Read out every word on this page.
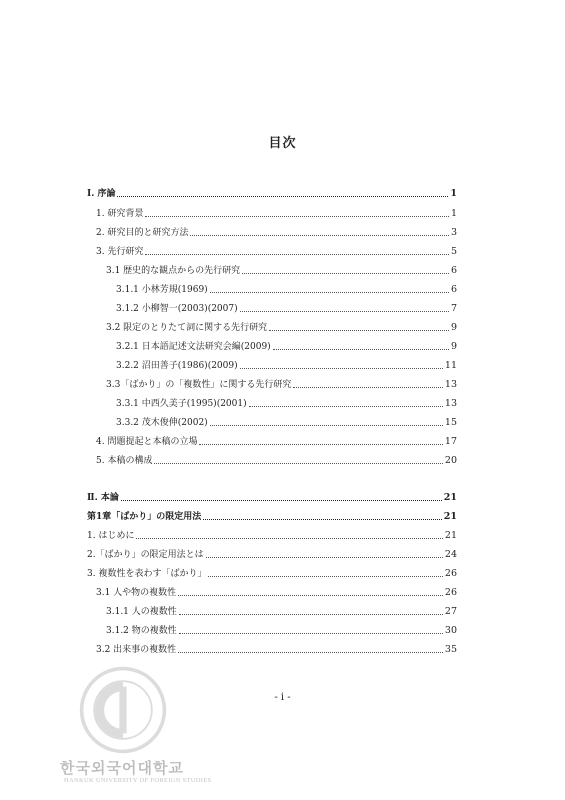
目次
Ⅰ. 序論	1
1. 研究背景	1
2. 研究目的と研究方法	3
3. 先行研究	5
3.1 歴史的な観点からの先行研究	6
3.1.1 小林芳規(1969)	6
3.1.2 小柳智一(2003)(2007)	7
3.2 限定のとりたて詞に関する先行研究	9
3.2.1 日本語記述文法研究会編(2009)	9
3.2.2 沼田善子(1986)(2009)	11
3.3「ばかり」の「複数性」に関する先行研究	13
3.3.1 中西久美子(1995)(2001)	13
3.3.2 茂木俊伸(2002)	15
4. 問題提起と本稿の立場	17
5. 本稿の構成	20
Ⅱ. 本論	21
第1章「ばかり」の限定用法	21
1. はじめに	21
2.「ばかり」の限定用法とは	24
3. 複数性を表わす「ばかり」	26
3.1 人や物の複数性	26
3.1.1 人の複数性	27
3.1.2 物の複数性	30
3.2 出来事の複数性	35
- i -
한국외국어대학교
HANKUK UNIVERSITY OF FOREIGN STUDIES
